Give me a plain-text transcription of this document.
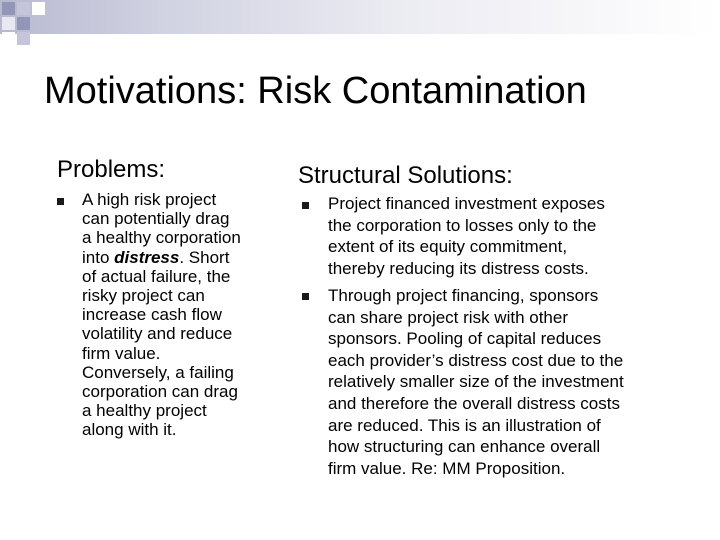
Motivations: Risk Contamination
Problems:

A high risk project
can potentially drag
a healthy corporation
into distress. Short
of actual failure, the
risky project can
increase cash flow
volatility and reduce
firm value.
Conversely, a failing
corporation can drag
a healthy project
along with it.

Structural Solutions:

Project financed investment exposes
the corporation to losses only to the
extent of its equity commitment,
thereby reducing its distress costs.

Through project financing, sponsors
can share project risk with other
sponsors. Pooling of capital reduces
each provider’s distress cost due to the
relatively smaller size of the investment
and therefore the overall distress costs
are reduced. This is an illustration of
how structuring can enhance overall
firm value. Re: MM Proposition.
